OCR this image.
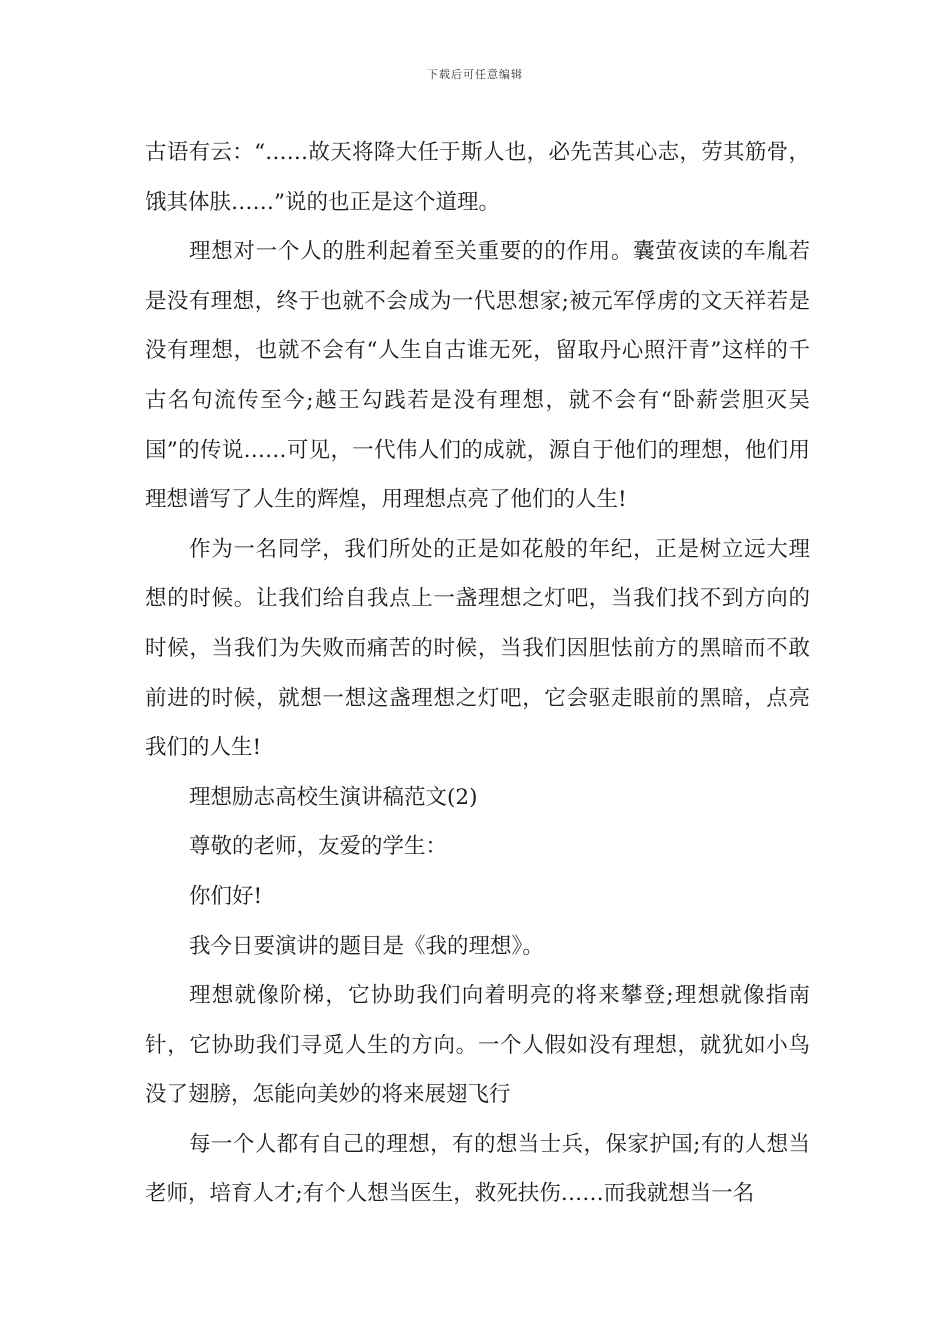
下载后可任意编辑

古语有云：“……故天将降大任于斯人也，必先苦其心志，劳其筋骨，饿其体肤……”说的也正是这个道理。

理想对一个人的胜利起着至关重要的的作用。囊萤夜读的车胤若是没有理想，终于也就不会成为一代思想家;被元军俘虏的文天祥若是没有理想，也就不会有“人生自古谁无死，留取丹心照汗青”这样的千古名句流传至今;越王勾践若是没有理想，就不会有“卧薪尝胆灭吴国”的传说……可见，一代伟人们的成就，源自于他们的理想，他们用理想谱写了人生的辉煌，用理想点亮了他们的人生!

作为一名同学，我们所处的正是如花般的年纪，正是树立远大理想的时候。让我们给自我点上一盏理想之灯吧，当我们找不到方向的时候，当我们为失败而痛苦的时候，当我们因胆怯前方的黑暗而不敢前进的时候，就想一想这盏理想之灯吧，它会驱走眼前的黑暗，点亮我们的人生!

理想励志高校生演讲稿范文(2)

尊敬的老师，友爱的学生：

你们好!

我今日要演讲的题目是《我的理想》。

理想就像阶梯，它协助我们向着明亮的将来攀登;理想就像指南针，它协助我们寻觅人生的方向。一个人假如没有理想，就犹如小鸟没了翅膀，怎能向美妙的将来展翅飞行

每一个人都有自己的理想，有的想当士兵，保家护国;有的人想当老师，培育人才;有个人想当医生，救死扶伤……而我就想当一名
